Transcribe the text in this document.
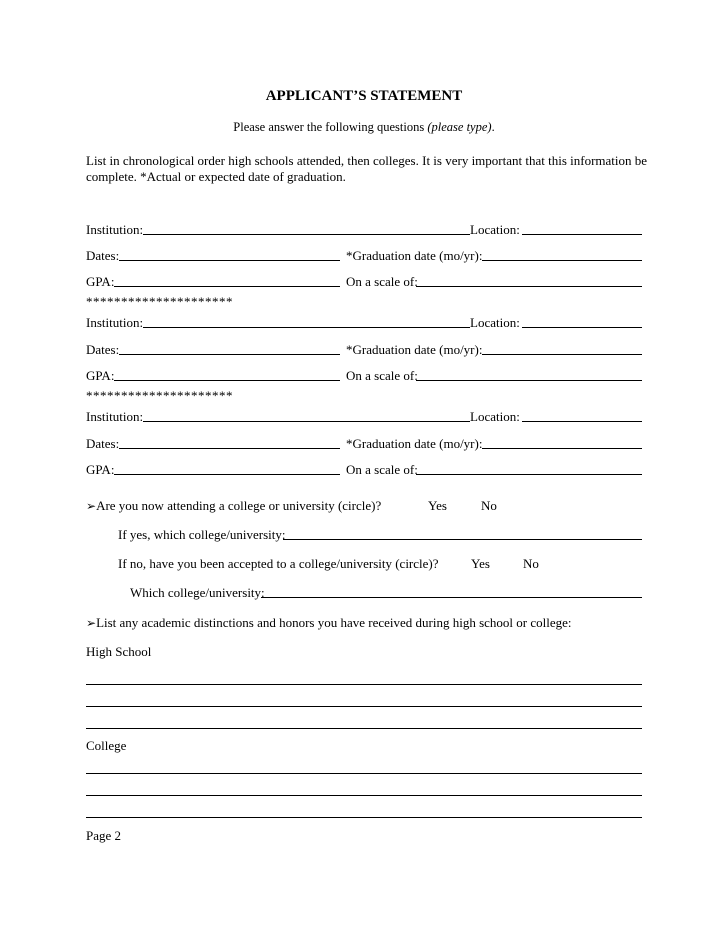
APPLICANT’S STATEMENT
Please answer the following questions (please type).
List in chronological order high schools attended, then colleges. It is very important that this information be complete. *Actual or expected date of graduation.
Institution:	Location:
Dates:	*Graduation date (mo/yr):
GPA:	On a scale of:
*********************
Institution:	Location:
Dates:	*Graduation date (mo/yr):
GPA:	On a scale of:
*********************
Institution:	Location:
Dates:	*Graduation date (mo/yr):
GPA:	On a scale of:
➢Are you now attending a college or university (circle)?	Yes	No
If yes, which college/university:
If no, have you been accepted to a college/university (circle)? Yes	No
Which college/university:
➢List any academic distinctions and honors you have received during high school or college:
High School
College
Page 2
